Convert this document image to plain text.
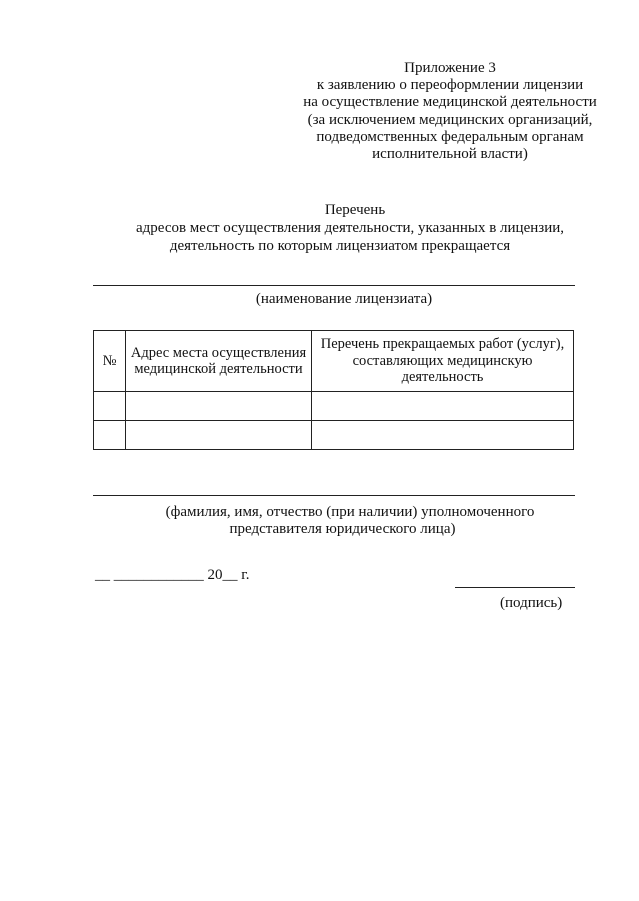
Приложение 3
к заявлению о переоформлении лицензии
на осуществление медицинской деятельности
(за исключением медицинских организаций,
подведомственных федеральным органам
исполнительной власти)
Перечень
адресов мест осуществления деятельности, указанных в лицензии,
деятельность по которым лицензиатом прекращается
(наименование лицензиата)
№	Адрес места осуществления медицинской деятельности	Перечень прекращаемых работ (услуг), составляющих медицинскую деятельность

(фамилия, имя, отчество (при наличии) уполномоченного
представителя юридического лица)
__ ____________ 20__ г.
(подпись)
